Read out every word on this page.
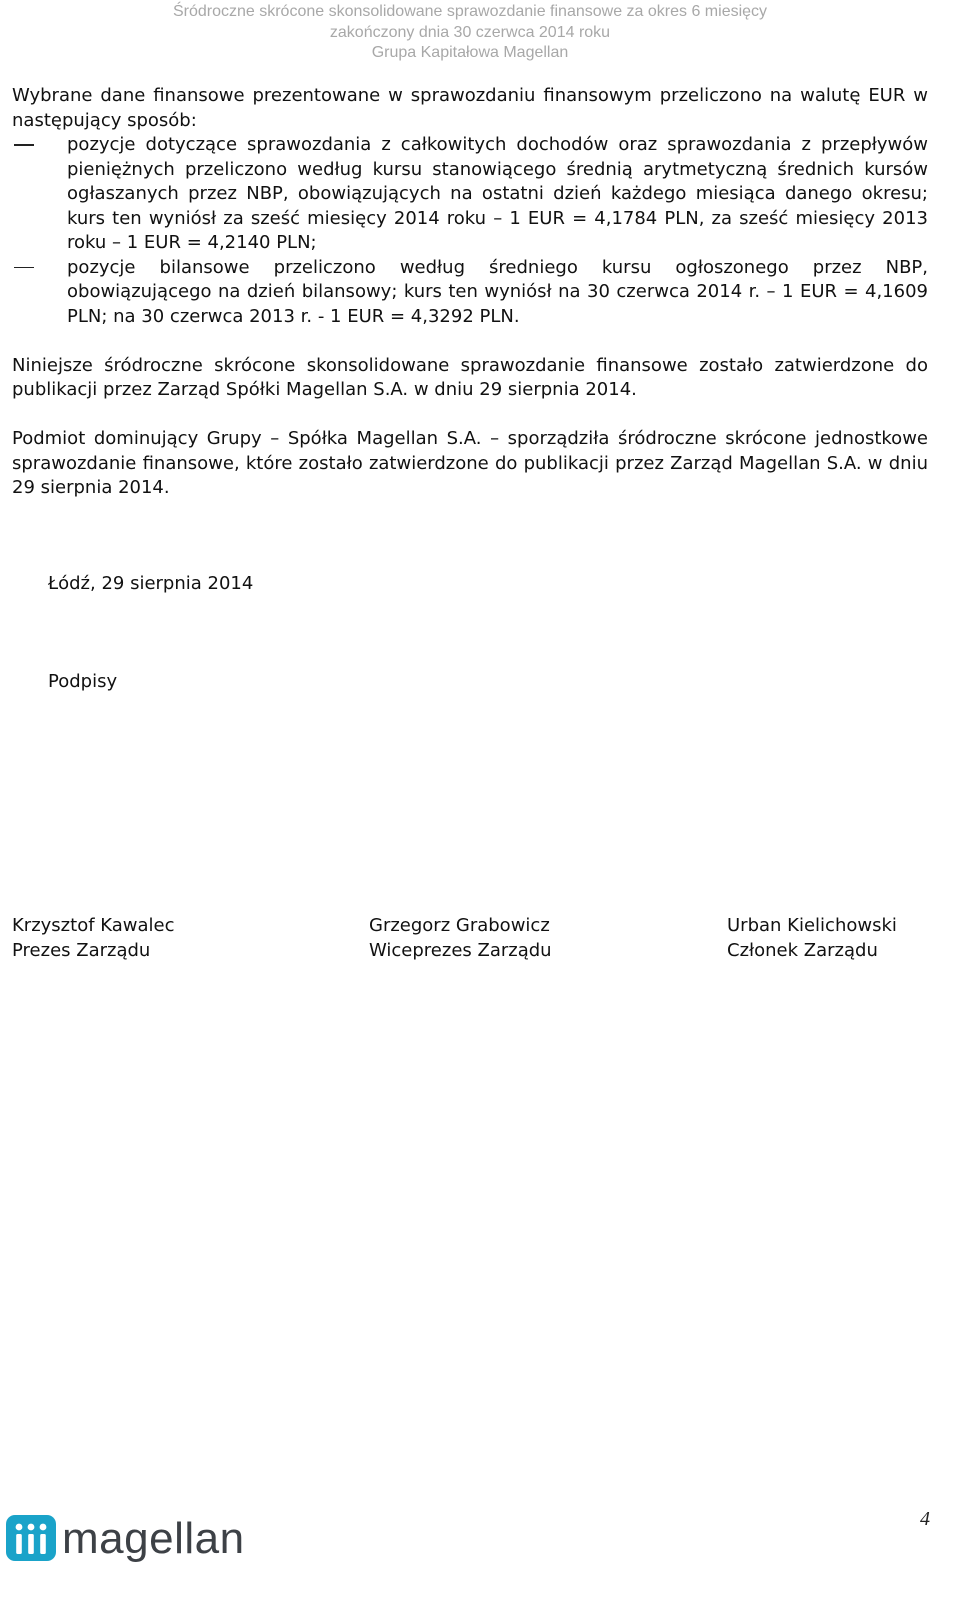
Śródroczne skrócone skonsolidowane sprawozdanie finansowe za okres 6 miesięcy
zakończony dnia 30 czerwca 2014 roku
Grupa Kapitałowa Magellan

Wybrane dane finansowe prezentowane w sprawozdaniu finansowym przeliczono na walutę EUR w następujący sposób:

pozycje dotyczące sprawozdania z całkowitych dochodów oraz sprawozdania z przepływów pieniężnych przeliczono według kursu stanowiącego średnią arytmetyczną średnich kursów ogłaszanych przez NBP, obowiązujących na ostatni dzień każdego miesiąca danego okresu; kurs ten wyniósł za sześć miesięcy 2014 roku – 1 EUR = 4,1784 PLN, za sześć miesięcy 2013 roku – 1 EUR = 4,2140 PLN;
pozycje bilansowe przeliczono według średniego kursu ogłoszonego przez NBP, obowiązującego na dzień bilansowy; kurs ten wyniósł na 30 czerwca 2014 r. – 1 EUR = 4,1609 PLN; na 30 czerwca 2013 r. - 1 EUR = 4,3292 PLN.

Niniejsze śródroczne skrócone skonsolidowane sprawozdanie finansowe zostało zatwierdzone do publikacji przez Zarząd Spółki Magellan S.A. w dniu 29 sierpnia 2014.

Podmiot dominujący Grupy – Spółka Magellan S.A. – sporządziła śródroczne skrócone jednostkowe sprawozdanie finansowe, które zostało zatwierdzone do publikacji przez Zarząd Magellan S.A. w dniu 29 sierpnia 2014.

Łódź, 29 sierpnia 2014
Podpisy
Krzysztof Kawalec
Prezes Zarządu
Grzegorz Grabowicz
Wiceprezes Zarządu
Urban Kielichowski
Członek Zarządu
magellan	4
